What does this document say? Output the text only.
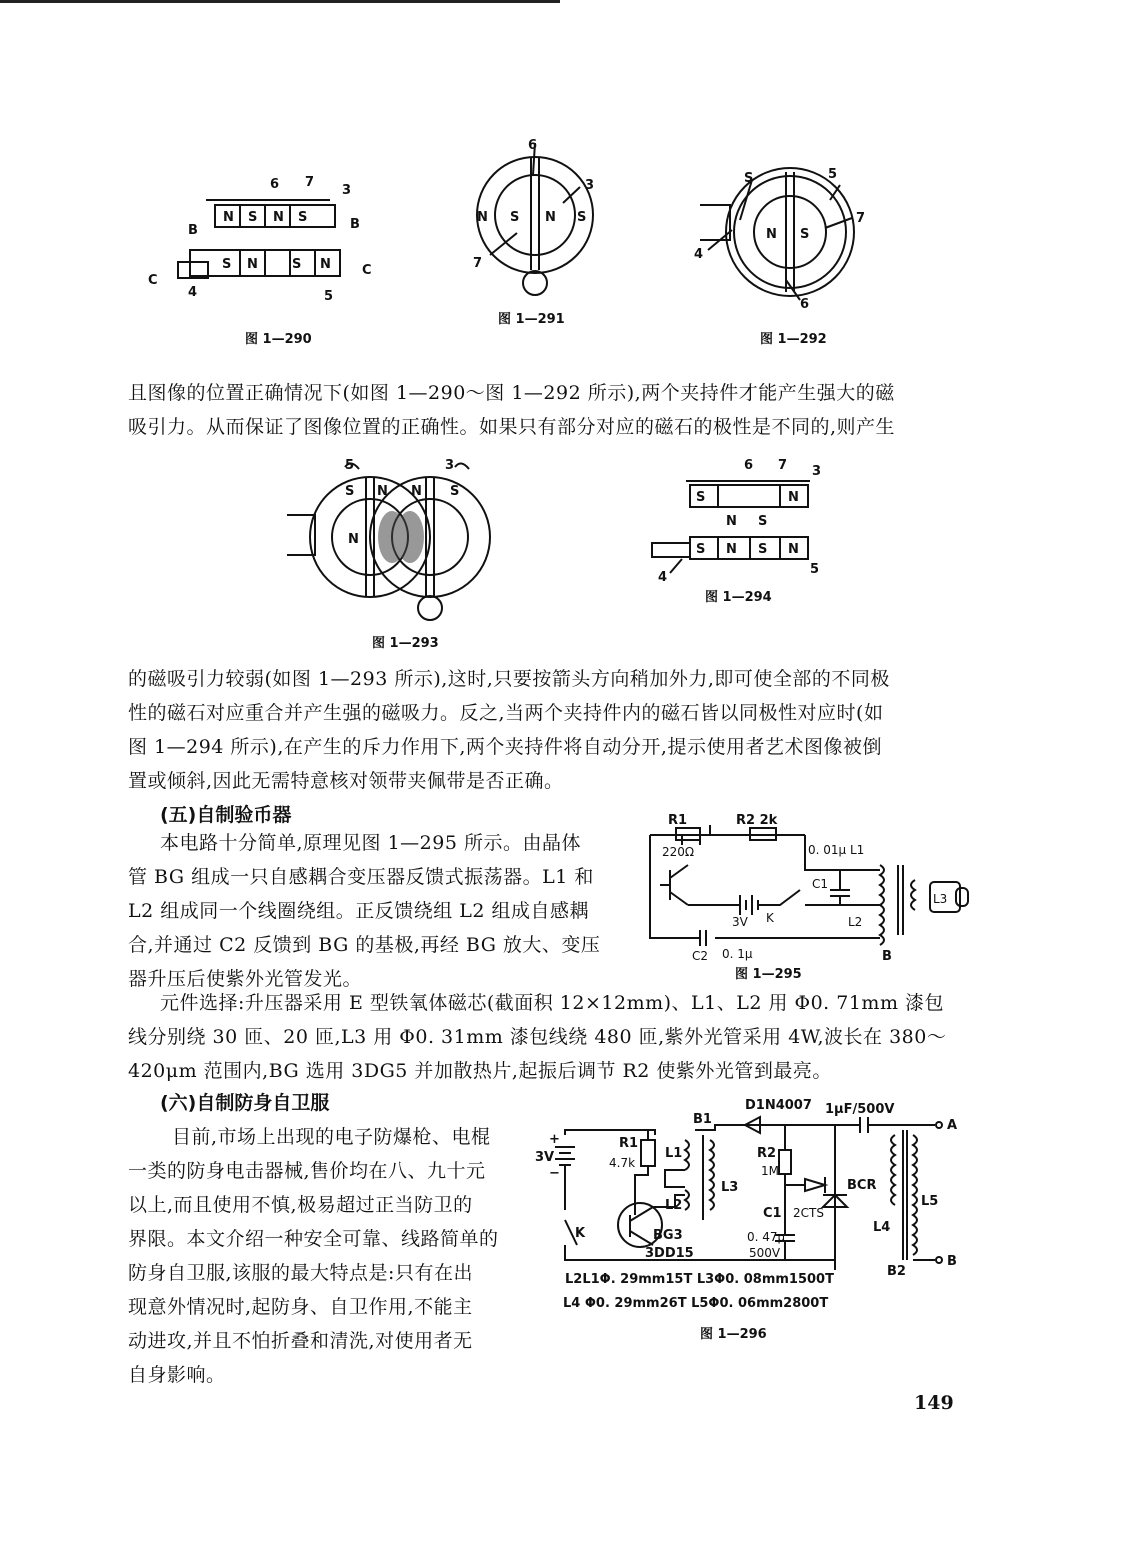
N S N S
S N	S N
6 7
3
B
B
C
C
4	5
图 1—290
6
3
7
N S N S
图 1—291
S	5
7
4
6
N S
图 1—292
且图像的位置正确情况下(如图 1—290～图 1—292 所示),两个夹持件才能产生强大的磁
吸引力。从而保证了图像位置的正确性。如果只有部分对应的磁石的极性是不同的,则产生
5	3
S N N S
N
图 1—293
S	N
N S
S N S N
6 7 3
4
5
图 1—294
的磁吸引力较弱(如图 1—293 所示),这时,只要按箭头方向稍加外力,即可使全部的不同极
性的磁石对应重合并产生强的磁吸力。反之,当两个夹持件内的磁石皆以同极性对应时(如
图 1—294 所示),在产生的斥力作用下,两个夹持件将自动分开,提示使用者艺术图像被倒
置或倾斜,因此无需特意核对领带夹佩带是否正确。
(五)自制验币器
本电路十分简单,原理见图 1—295 所示。由晶体
管 BG 组成一只自感耦合变压器反馈式振荡器。L1 和
L2 组成同一个线圈绕组。正反馈绕组 L2 组成自感耦
合,并通过 C2 反馈到 BG 的基极,再经 BG 放大、变压
器升压后使紫外光管发光。
R1	R2 2k
220Ω	0. 01μ L1
C1
3V K	L2
C2 0. 1μ	B
L3
图 1—295
元件选择:升压器采用 E 型铁氧体磁芯(截面积 12×12mm)、L1、L2 用 Φ0. 71mm 漆包
线分别绕 30 匝、20 匝,L3 用 Φ0. 31mm 漆包线绕 480 匝,紫外光管采用 4W,波长在 380～
420μm 范围内,BG 选用 3DG5 并加散热片,起振后调节 R2 使紫外光管到最亮。
(六)自制防身自卫服
目前,市场上出现的电子防爆枪、电棍
一类的防身电击器械,售价均在八、九十元
以上,而且使用不慎,极易超过正当防卫的
界限。本文介绍一种安全可靠、线路简单的
防身自卫服,该服的最大特点是:只有在出
现意外情况时,起防身、自卫作用,不能主
动进攻,并且不怕折叠和清洗,对使用者无
自身影响。
D1N4007 1μF/500V
A
B1
R1
4.7k
L1	R2
1M
+
3V
−
L3
L2
BCR
C1 2CTS
L5
L4
K	BG3
3DD15
0. 47μ
500V
B2
B
L2L1Φ. 29mm15T L3Φ0. 08mm1500T
L4 Φ0. 29mm26T L5Φ0. 06mm2800T
图 1—296
149
